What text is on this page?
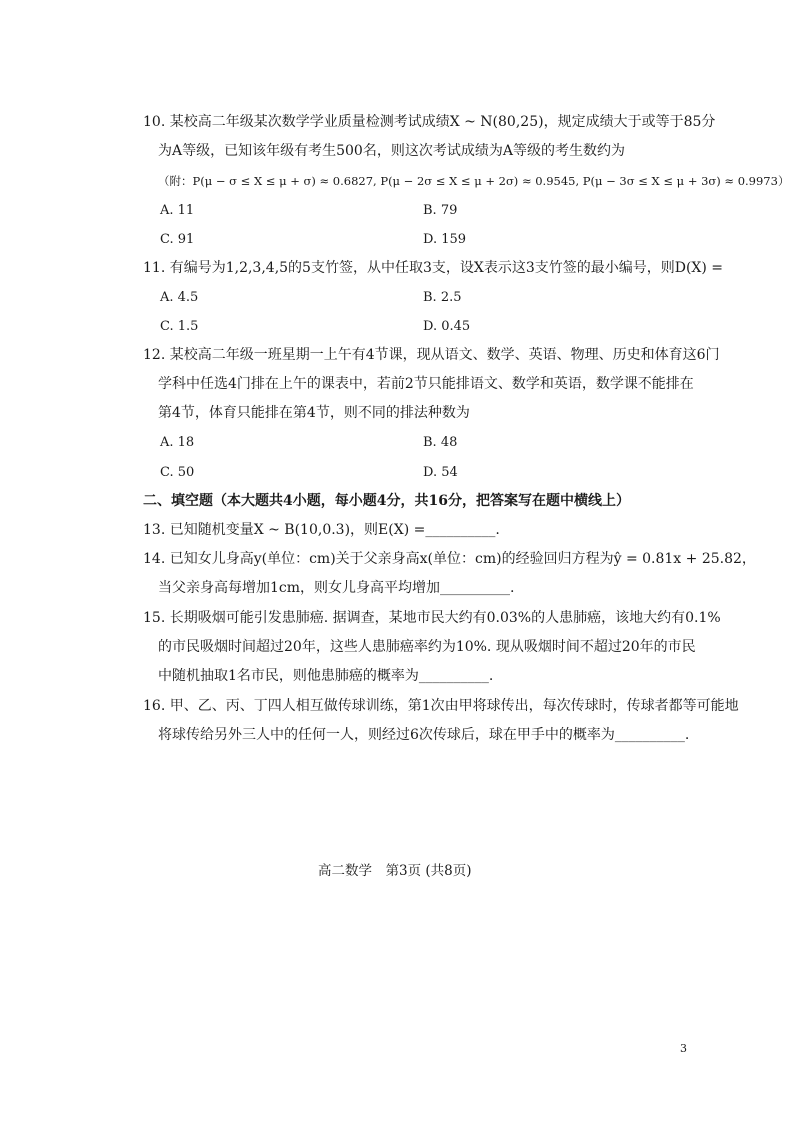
10. 某校高二年级某次数学学业质量检测考试成绩X ~ N(80,25)，规定成绩大于或等于85分
为A等级，已知该年级有考生500名，则这次考试成绩为A等级的考生数约为
（附：P(μ − σ ≤ X ≤ μ + σ) ≈ 0.6827, P(μ − 2σ ≤ X ≤ μ + 2σ) ≈ 0.9545, P(μ − 3σ ≤ X ≤ μ + 3σ) ≈ 0.9973）
A. 11	B. 79
C. 91	D. 159
11. 有编号为1,2,3,4,5的5支竹签，从中任取3支，设X表示这3支竹签的最小编号，则D(X) =
A. 4.5	B. 2.5
C. 1.5	D. 0.45
12. 某校高二年级一班星期一上午有4节课，现从语文、数学、英语、物理、历史和体育这6门
学科中任选4门排在上午的课表中，若前2节只能排语文、数学和英语，数学课不能排在
第4节，体育只能排在第4节，则不同的排法种数为
A. 18	B. 48
C. 50	D. 54
二、填空题（本大题共4小题，每小题4分，共16分，把答案写在题中横线上）
13. 已知随机变量X ~ B(10,0.3)，则E(X) =__________.
14. 已知女儿身高y(单位：cm)关于父亲身高x(单位：cm)的经验回归方程为ŷ = 0.81x + 25.82，
当父亲身高每增加1cm，则女儿身高平均增加__________.
15. 长期吸烟可能引发患肺癌. 据调查，某地市民大约有0.03%的人患肺癌，该地大约有0.1%
的市民吸烟时间超过20年，这些人患肺癌率约为10%. 现从吸烟时间不超过20年的市民
中随机抽取1名市民，则他患肺癌的概率为__________.
16. 甲、乙、丙、丁四人相互做传球训练，第1次由甲将球传出，每次传球时，传球者都等可能地
将球传给另外三人中的任何一人，则经过6次传球后，球在甲手中的概率为__________.
高二数学　第3页 (共8页)
3
